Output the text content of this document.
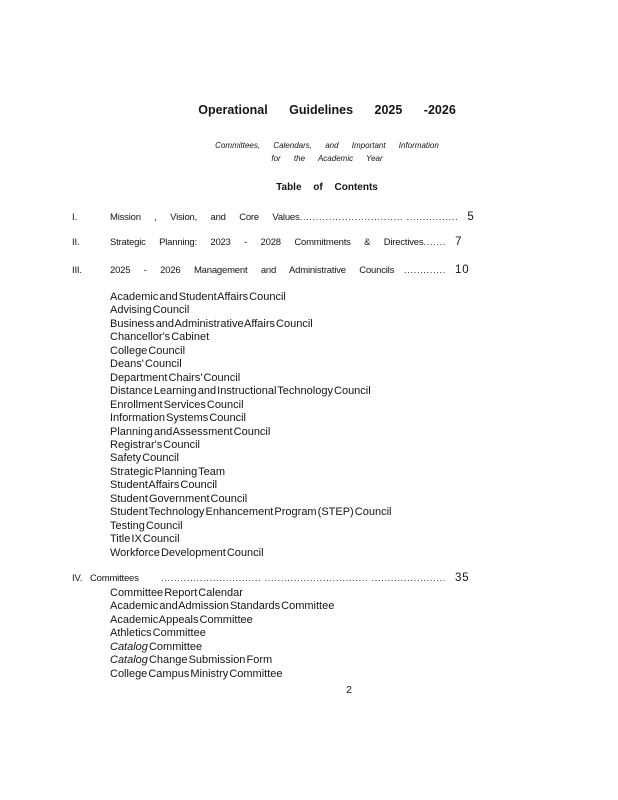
Operational Guidelines 2025 -2026
Committees, Calendars, and Important Information
for the Academic Year
Table of Contents
I.	Mission , Vision, and Core Values ................................ ................ 5
II.	Strategic Planning: 2023 - 2028 Commitments & Directives ....... 7
III.	2025 - 2026 Management and Administrative Councils ............. 10
Academic and Student Affairs Council
Advising Council
Business and Administrative Affairs Council
Chancellor's Cabinet
College Council
Deans' Council
Department Chairs' Council
Distance Learning and Instructional Technology Council
Enrollment Services Council
Information Systems Council
Planning and Assessment Council
Registrar's Council
Safety Council
Strategic Planning Team
Student Affairs Council
Student Government Council
Student Technology Enhancement Program (STEP) Council
Testing Council
Title IX Council
Workforce Development Council
IV. Committees ............................... ................................ ....................... 35
Committee Report Calendar
Academic and Admission Standards Committee
Academic Appeals Committee
Athletics Committee
Catalog Committee
Catalog Change Submission Form
College Campus Ministry Committee
2
